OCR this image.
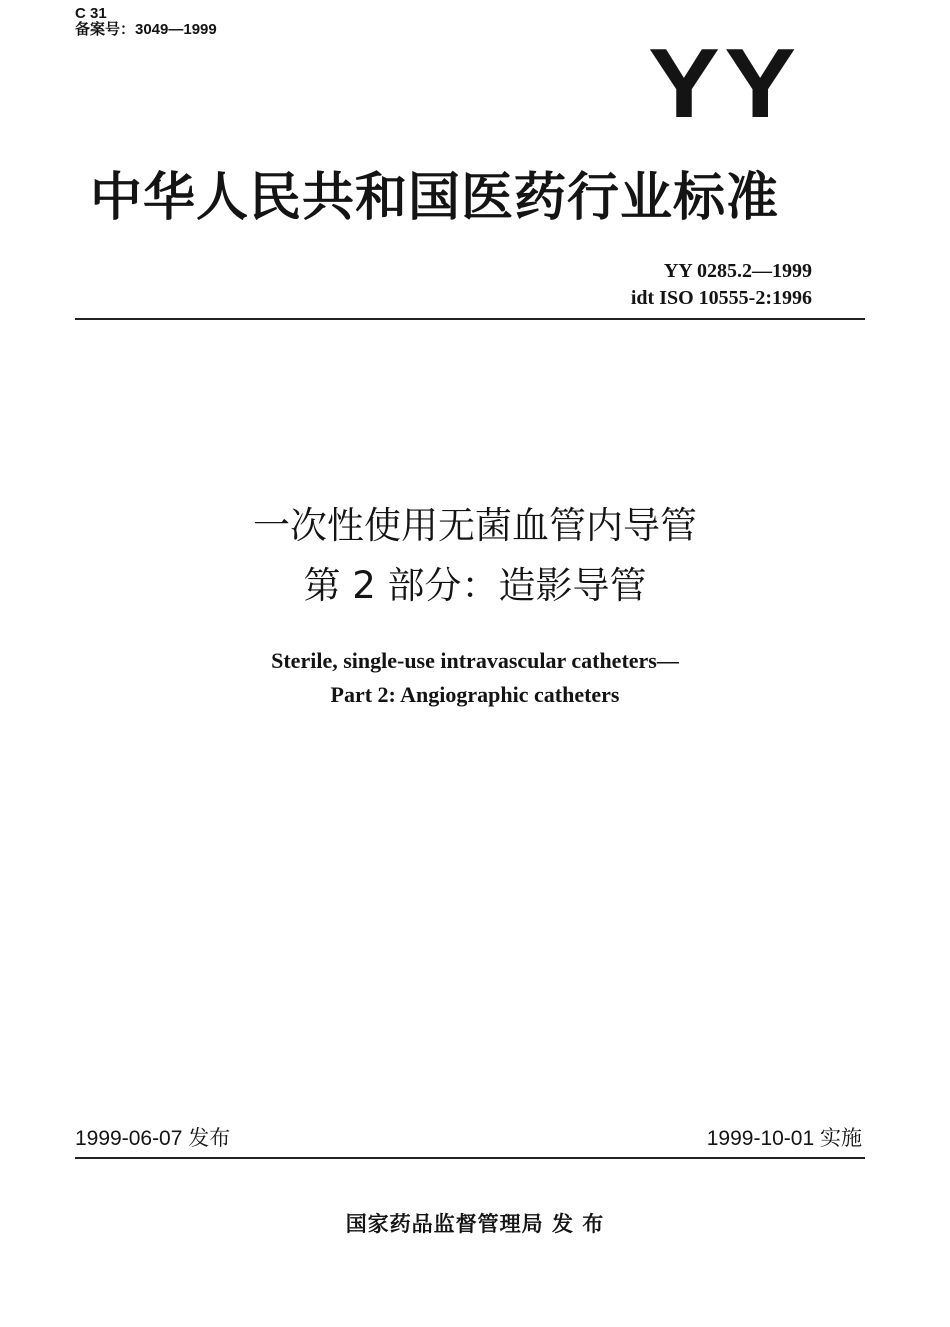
C 31
备案号：3049—1999	YY
中华人民共和国医药行业标准
YY 0285.2—1999
idt ISO 10555-2:1996
一次性使用无菌血管内导管
第 2 部分：造影导管
Sterile, single-use intravascular catheters—
Part 2: Angiographic catheters
1999-06-07 发布	1999-10-01 实施
国家药品监督管理局 发 布
